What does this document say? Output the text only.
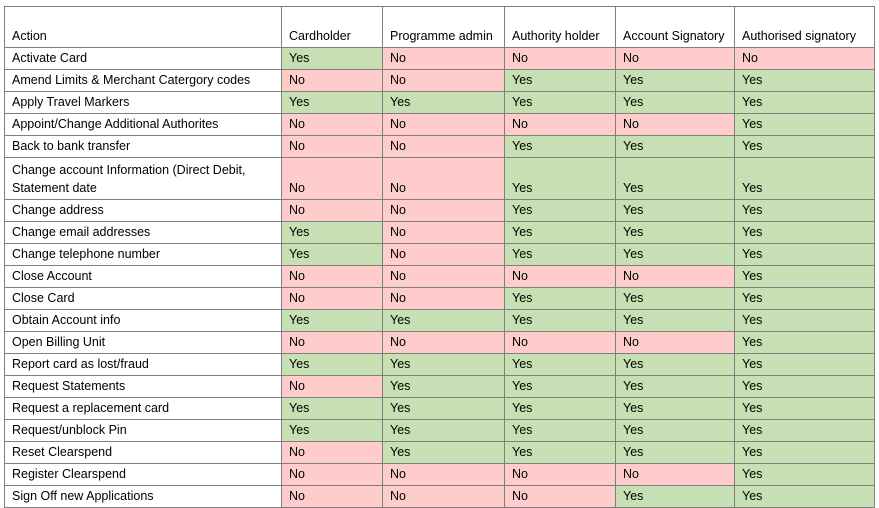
Action	Cardholder	Programme admin	Authority holder	Account Signatory	Authorised signatory
Activate Card	Yes	No	No	No	No
Amend Limits & Merchant Catergory codes	No	No	Yes	Yes	Yes
Apply Travel Markers	Yes	Yes	Yes	Yes	Yes
Appoint/Change Additional Authorites	No	No	No	No	Yes
Back to bank transfer	No	No	Yes	Yes	Yes
Change account Information (Direct Debit, Statement date	No	No	Yes	Yes	Yes
Change address	No	No	Yes	Yes	Yes
Change email addresses	Yes	No	Yes	Yes	Yes
Change telephone number	Yes	No	Yes	Yes	Yes
Close Account	No	No	No	No	Yes
Close Card	No	No	Yes	Yes	Yes
Obtain Account info	Yes	Yes	Yes	Yes	Yes
Open Billing Unit	No	No	No	No	Yes
Report card as lost/fraud	Yes	Yes	Yes	Yes	Yes
Request Statements	No	Yes	Yes	Yes	Yes
Request a replacement card	Yes	Yes	Yes	Yes	Yes
Request/unblock Pin	Yes	Yes	Yes	Yes	Yes
Reset Clearspend	No	Yes	Yes	Yes	Yes
Register Clearspend	No	No	No	No	Yes
Sign Off new Applications	No	No	No	Yes	Yes
